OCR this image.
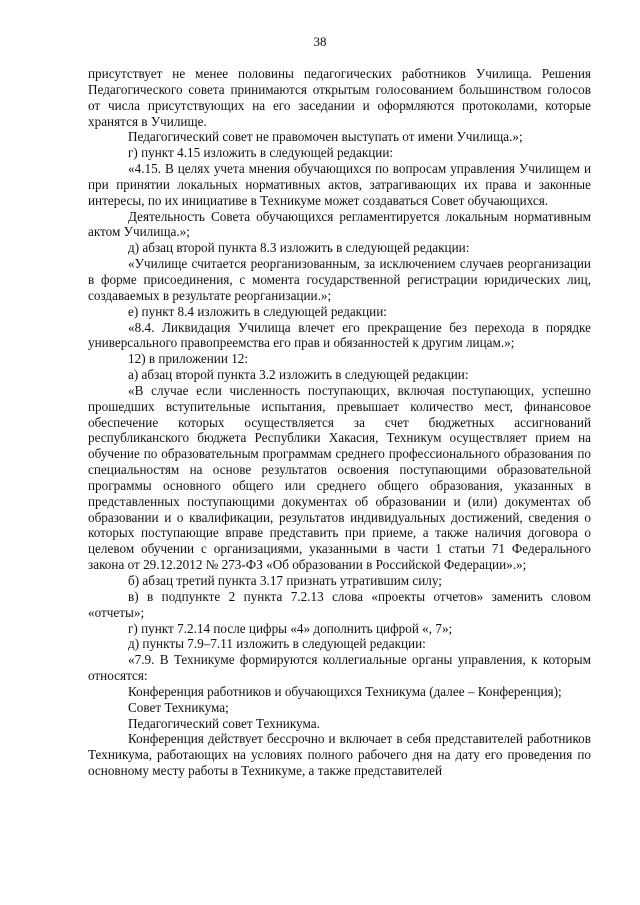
38

присутствует не менее половины педагогических работников Училища. Решения Педагогического совета принимаются открытым голосованием большинством голосов от числа присутствующих на его заседании и оформляются протоколами, которые хранятся в Училище.

Педагогический совет не правомочен выступать от имени Училища.»;

г) пункт 4.15 изложить в следующей редакции:

«4.15. В целях учета мнения обучающихся по вопросам управления Училищем и при принятии локальных нормативных актов, затрагивающих их права и законные интересы, по их инициативе в Техникуме может создаваться Совет обучающихся.

Деятельность Совета обучающихся регламентируется локальным нормативным актом Училища.»;

д) абзац второй пункта 8.3 изложить в следующей редакции:

«Училище считается реорганизованным, за исключением случаев реорганизации в форме присоединения, с момента государственной регистрации юридических лиц, создаваемых в результате реорганизации.»;

е) пункт 8.4 изложить в следующей редакции:

«8.4. Ликвидация Училища влечет его прекращение без перехода в порядке универсального правопреемства его прав и обязанностей к другим лицам.»;

12) в приложении 12:

а) абзац второй пункта 3.2 изложить в следующей редакции:

«В случае если численность поступающих, включая поступающих, успешно прошедших вступительные испытания, превышает количество мест, финансовое обеспечение которых осуществляется за счет бюджетных ассигнований республиканского бюджета Республики Хакасия, Техникум осуществляет прием на обучение по образовательным программам среднего профессионального образования по специальностям на основе результатов освоения поступающими образовательной программы основного общего или среднего общего образования, указанных в представленных поступающими документах об образовании и (или) документах об образовании и о квалификации, результатов индивидуальных достижений, сведения о которых поступающие вправе представить при приеме, а также наличия договора о целевом обучении с организациями, указанными в части 1 статьи 71 Федерального закона от 29.12.2012 № 273-ФЗ «Об образовании в Российской Федерации».»;

б) абзац третий пункта 3.17 признать утратившим силу;

в) в подпункте 2 пункта 7.2.13 слова «проекты отчетов» заменить словом «отчеты»;

г) пункт 7.2.14 после цифры «4» дополнить цифрой «, 7»;

д) пункты 7.9–7.11 изложить в следующей редакции:

«7.9. В Техникуме формируются коллегиальные органы управления, к которым относятся:

Конференция работников и обучающихся Техникума (далее – Конференция);

Совет Техникума;

Педагогический совет Техникума.

Конференция действует бессрочно и включает в себя представителей работников Техникума, работающих на условиях полного рабочего дня на дату его проведения по основному месту работы в Техникуме, а также представителей
